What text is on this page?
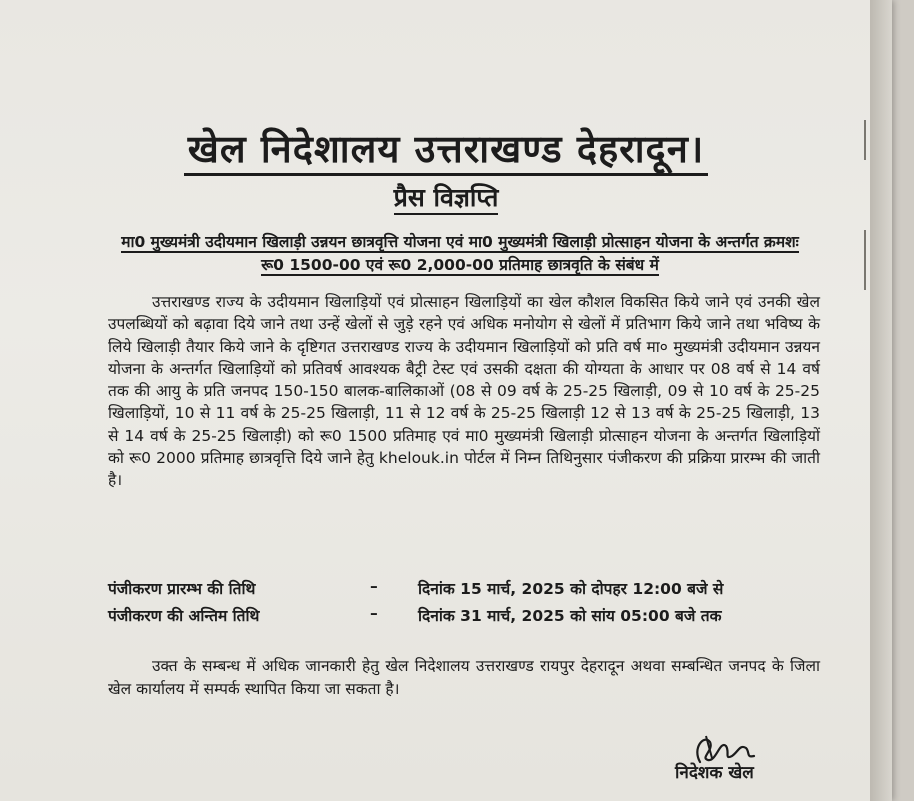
खेल निदेशालय उत्तराखण्ड देहरादून।
प्रैस विज्ञप्ति
मा0 मुख्यमंत्री उदीयमान खिलाड़ी उन्नयन छात्रवृत्ति योजना एवं मा0 मुख्यमंत्री खिलाड़ी प्रोत्साहन योजना के अन्तर्गत क्रमशः रू0 1500-00 एवं रू0 2,000-00 प्रतिमाह छात्रवृति के संबंध में
उत्तराखण्ड राज्य के उदीयमान खिलाड़ियों एवं प्रोत्साहन खिलाड़ियों का खेल कौशल विकसित किये जाने एवं उनकी खेल उपलब्धियों को बढ़ावा दिये जाने तथा उन्हें खेलों से जुड़े रहने एवं अधिक मनोयोग से खेलों में प्रतिभाग किये जाने तथा भविष्य के लिये खिलाड़ी तैयार किये जाने के दृष्टिगत उत्तराखण्ड राज्य के उदीयमान खिलाड़ियों को प्रति वर्ष मा० मुख्यमंत्री उदीयमान उन्नयन योजना के अन्तर्गत खिलाड़ियों को प्रतिवर्ष आवश्यक बैट्री टेस्ट एवं उसकी दक्षता की योग्यता के आधार पर 08 वर्ष से 14 वर्ष तक की आयु के प्रति जनपद 150-150 बालक-बालिकाओं (08 से 09 वर्ष के 25-25 खिलाड़ी, 09 से 10 वर्ष के 25-25 खिलाड़ियों, 10 से 11 वर्ष के 25-25 खिलाड़ी, 11 से 12 वर्ष के 25-25 खिलाड़ी 12 से 13 वर्ष के 25-25 खिलाड़ी, 13 से 14 वर्ष के 25-25 खिलाड़ी) को रू0 1500 प्रतिमाह एवं मा0 मुख्यमंत्री खिलाड़ी प्रोत्साहन योजना के अन्तर्गत खिलाड़ियों को रू0 2000 प्रतिमाह छात्रवृत्ति दिये जाने हेतु khelouk.in पोर्टल में निम्न तिथिनुसार पंजीकरण की प्रक्रिया प्रारम्भ की जाती है।
पंजीकरण प्रारम्भ की तिथि	–	दिनांक 15 मार्च, 2025 को दोपहर 12:00 बजे से
पंजीकरण की अन्तिम तिथि	–	दिनांक 31 मार्च, 2025 को सांय 05:00 बजे तक
उक्त के सम्बन्ध में अधिक जानकारी हेतु खेल निदेशालय उत्तराखण्ड रायपुर देहरादून अथवा सम्बन्धित जनपद के जिला खेल कार्यालय में सम्पर्क स्थापित किया जा सकता है।
निदेशक खेल
